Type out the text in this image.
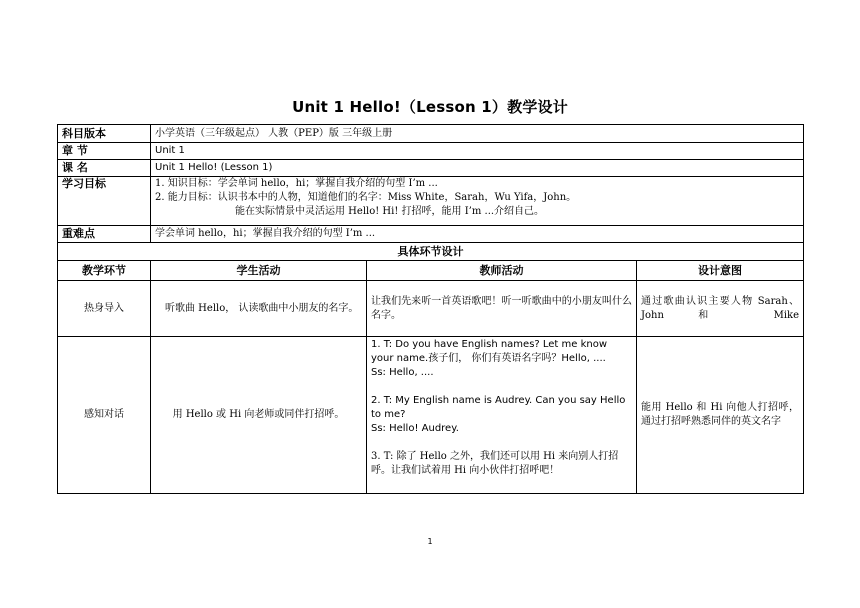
Unit 1 Hello!（Lesson 1）教学设计
科目版本	小学英语（三年级起点） 人教（PEP）版 三年级上册		
章 节	Unit 1		
课 名	Unit 1 Hello! (Lesson 1)		
学习目标	1. 知识目标：学会单词 hello，hi；掌握自我介绍的句型 I’m ...
2. 能力目标：认识书本中的人物，知道他们的名字：Miss White，Sarah，Wu Yifa，John。
能在实际情景中灵活运用 Hello! Hi! 打招呼，能用 I’m ...介绍自己。		

重难点	学会单词 hello，hi；掌握自我介绍的句型 I’m ...		
具体环节设计			
教学环节	学生活动	教师活动	设计意图
热身导入	听歌曲 Hello， 认读歌曲中小朋友的名字。	让我们先来听一首英语歌吧！听一听歌曲中的小朋友叫什么名字。	通过歌曲认识主要人物 Sarah、John 和 Mike
感知对话	用 Hello 或 Hi 向老师或同伴打招呼。	1. T: Do you have English names? Let me know your name.孩子们， 你们有英语名字吗？Hello, ....
Ss: Hello, ....
2. T: My English name is Audrey. Can you say Hello to me?
Ss: Hello! Audrey.
3. T: 除了 Hello 之外，我们还可以用 Hi 来向别人打招呼。让我们试着用 Hi 向小伙伴打招呼吧！	能用 Hello 和 Hi 向他人打招呼，通过打招呼熟悉同伴的英文名字
1
